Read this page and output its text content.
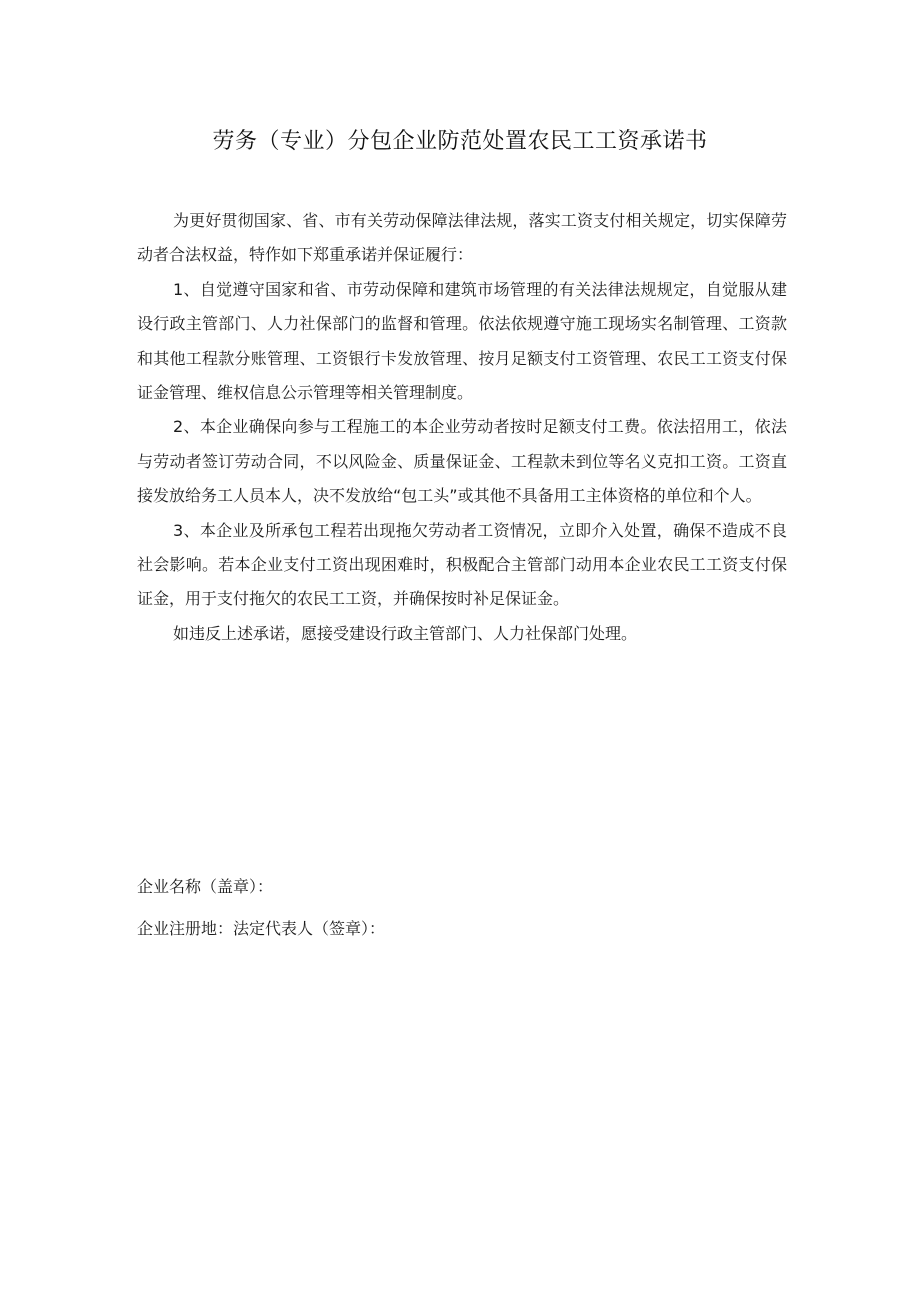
劳务（专业）分包企业防范处置农民工工资承诺书

为更好贯彻国家、省、市有关劳动保障法律法规，落实工资支付相关规定，切实保障劳动者合法权益，特作如下郑重承诺并保证履行：

1、自觉遵守国家和省、市劳动保障和建筑市场管理的有关法律法规规定，自觉服从建设行政主管部门、人力社保部门的监督和管理。依法依规遵守施工现场实名制管理、工资款和其他工程款分账管理、工资银行卡发放管理、按月足额支付工资管理、农民工工资支付保证金管理、维权信息公示管理等相关管理制度。

2、本企业确保向参与工程施工的本企业劳动者按时足额支付工费。依法招用工，依法与劳动者签订劳动合同，不以风险金、质量保证金、工程款未到位等名义克扣工资。工资直接发放给务工人员本人，决不发放给“包工头”或其他不具备用工主体资格的单位和个人。

3、本企业及所承包工程若出现拖欠劳动者工资情况，立即介入处置，确保不造成不良社会影响。若本企业支付工资出现困难时，积极配合主管部门动用本企业农民工工资支付保证金，用于支付拖欠的农民工工资，并确保按时补足保证金。

如违反上述承诺，愿接受建设行政主管部门、人力社保部门处理。

企业名称（盖章）：

企业注册地：法定代表人（签章）：
